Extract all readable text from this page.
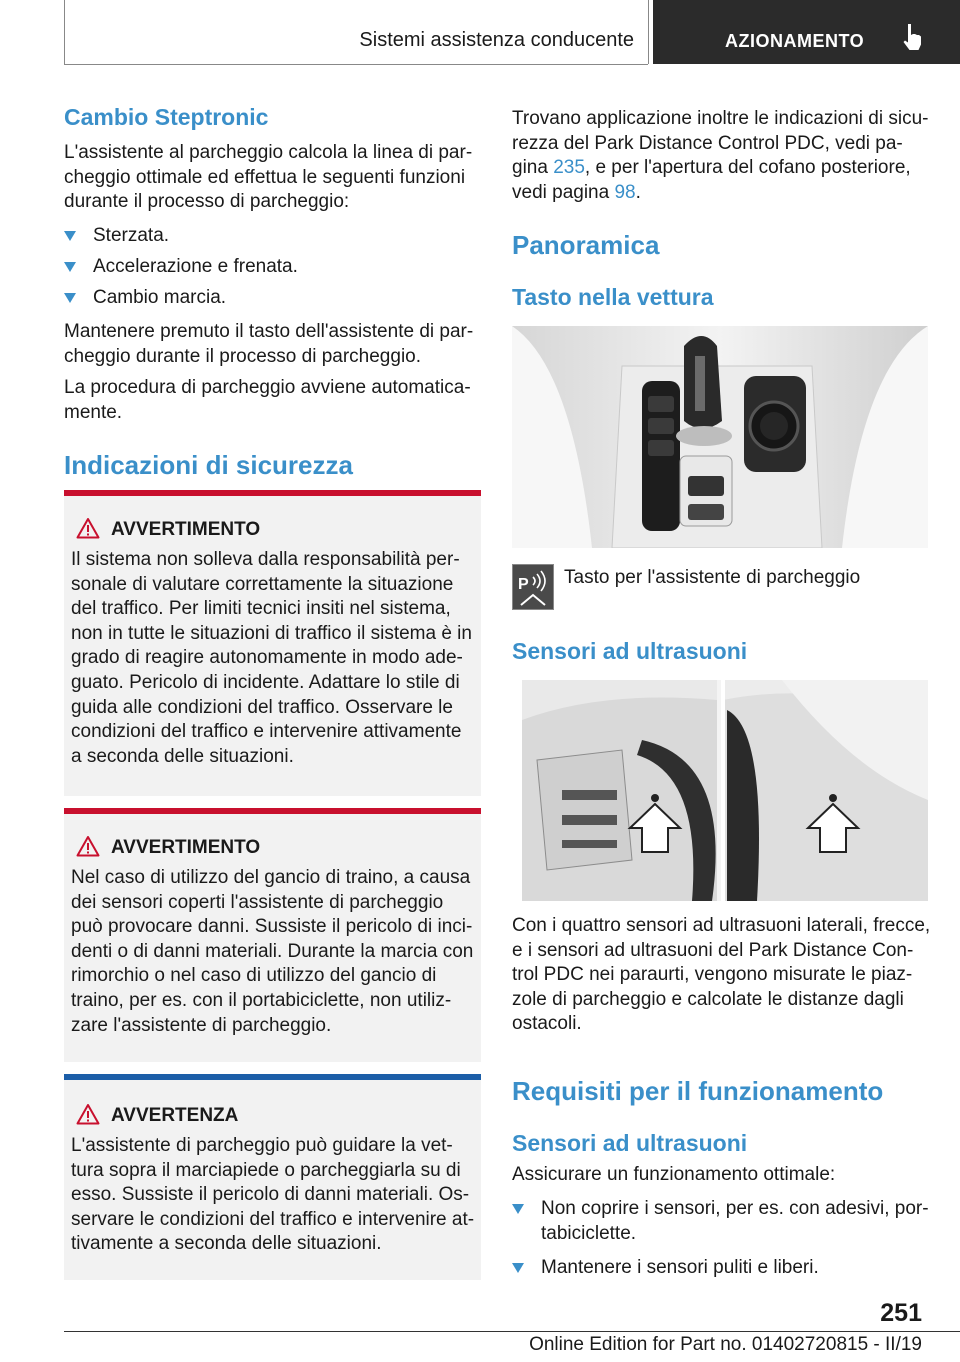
Sistemi assistenza conducente	AZIONAMENTO
Cambio Steptronic
L'assistente al parcheggio calcola la linea di par-
cheggio ottimale ed effettua le seguenti funzioni
durante il processo di parcheggio:
Sterzata.
Accelerazione e frenata.
Cambio marcia.
Mantenere premuto il tasto dell'assistente di par-
cheggio durante il processo di parcheggio.
La procedura di parcheggio avviene automatica-
mente.
Indicazioni di sicurezza
AVVERTIMENTO
Il sistema non solleva dalla responsabilità per-
sonale di valutare correttamente la situazione
del traffico. Per limiti tecnici insiti nel sistema,
non in tutte le situazioni di traffico il sistema è in
grado di reagire autonomamente in modo ade-
guato. Pericolo di incidente. Adattare lo stile di
guida alle condizioni del traffico. Osservare le
condizioni del traffico e intervenire attivamente
a seconda delle situazioni.
AVVERTIMENTO
Nel caso di utilizzo del gancio di traino, a causa
dei sensori coperti l'assistente di parcheggio
può provocare danni. Sussiste il pericolo di inci-
denti o di danni materiali. Durante la marcia con
rimorchio o nel caso di utilizzo del gancio di
traino, per es. con il portabiciclette, non utiliz-
zare l'assistente di parcheggio.
AVVERTENZA
L'assistente di parcheggio può guidare la vet-
tura sopra il marciapiede o parcheggiarla su di
esso. Sussiste il pericolo di danni materiali. Os-
servare le condizioni del traffico e intervenire at-
tivamente a seconda delle situazioni.
Trovano applicazione inoltre le indicazioni di sicu-
rezza del Park Distance Control PDC, vedi pa-
gina 235, e per l'apertura del cofano posteriore,
vedi pagina 98.
Panoramica
Tasto nella vettura
P Tasto per l'assistente di parcheggio
Sensori ad ultrasuoni
Con i quattro sensori ad ultrasuoni laterali, frecce,
e i sensori ad ultrasuoni del Park Distance Con-
trol PDC nei paraurti, vengono misurate le piaz-
zole di parcheggio e calcolate le distanze dagli
ostacoli.
Requisiti per il funzionamento
Sensori ad ultrasuoni
Assicurare un funzionamento ottimale:
Non coprire i sensori, per es. con adesivi, por-
tabiciclette.
Mantenere i sensori puliti e liberi.
251
Online Edition for Part no. 01402720815 - II/19
